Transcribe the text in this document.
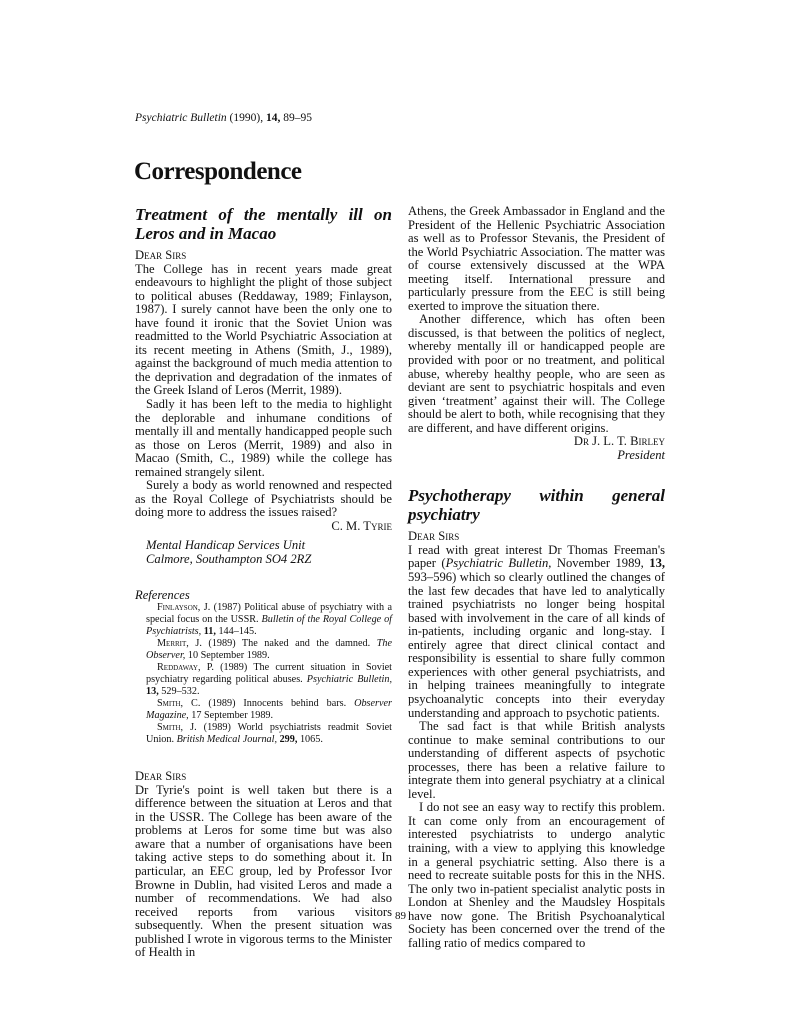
Psychiatric Bulletin (1990), 14, 89–95
Correspondence
Treatment of the mentally ill on Leros and in Macao

Dear Sirs

The College has in recent years made great endeavours to highlight the plight of those subject to political abuses (Reddaway, 1989; Finlayson, 1987). I surely cannot have been the only one to have found it ironic that the Soviet Union was readmitted to the World Psychiatric Association at its recent meeting in Athens (Smith, J., 1989), against the background of much media attention to the deprivation and degradation of the inmates of the Greek Island of Leros (Merrit, 1989).

Sadly it has been left to the media to highlight the deplorable and inhumane conditions of mentally ill and mentally handicapped people such as those on Leros (Merrit, 1989) and also in Macao (Smith, C., 1989) while the college has remained strangely silent.

Surely a body as world renowned and respected as the Royal College of Psychiatrists should be doing more to address the issues raised?

C. M. Tyrie

Mental Handicap Services Unit

Calmore, Southampton SO4 2RZ

References

Finlayson, J. (1987) Political abuse of psychiatry with a special focus on the USSR. Bulletin of the Royal College of Psychiatrists, 11, 144–145.

Merrit, J. (1989) The naked and the damned. The Observer, 10 September 1989.

Reddaway, P. (1989) The current situation in Soviet psychiatry regarding political abuses. Psychiatric Bulletin, 13, 529–532.

Smith, C. (1989) Innocents behind bars. Observer Magazine, 17 September 1989.

Smith, J. (1989) World psychiatrists readmit Soviet Union. British Medical Journal, 299, 1065.

Dear Sirs

Dr Tyrie's point is well taken but there is a difference between the situation at Leros and that in the USSR. The College has been aware of the problems at Leros for some time but was also aware that a number of organisations have been taking active steps to do something about it. In particular, an EEC group, led by Professor Ivor Browne in Dublin, had visited Leros and made a number of recommendations. We had also received reports from various visitors subsequently. When the present situation was published I wrote in vigorous terms to the Minister of Health in

Athens, the Greek Ambassador in England and the President of the Hellenic Psychiatric Association as well as to Professor Stevanis, the President of the World Psychiatric Association. The matter was of course extensively discussed at the WPA meeting itself. International pressure and particularly pressure from the EEC is still being exerted to improve the situation there.

Another difference, which has often been discussed, is that between the politics of neglect, whereby mentally ill or handicapped people are provided with poor or no treatment, and political abuse, whereby healthy people, who are seen as deviant are sent to psychiatric hospitals and even given ‘treatment’ against their will. The College should be alert to both, while recognising that they are different, and have different origins.

Dr J. L. T. Birley

President

Psychotherapy within general psychiatry

Dear Sirs

I read with great interest Dr Thomas Freeman's paper (Psychiatric Bulletin, November 1989, 13, 593–596) which so clearly outlined the changes of the last few decades that have led to analytically trained psychiatrists no longer being hospital based with involvement in the care of all kinds of in-patients, including organic and long-stay. I entirely agree that direct clinical contact and responsibility is essential to share fully common experiences with other general psychiatrists, and in helping trainees meaningfully to integrate psychoanalytic concepts into their everyday understanding and approach to psychotic patients.

The sad fact is that while British analysts continue to make seminal contributions to our understanding of different aspects of psychotic processes, there has been a relative failure to integrate them into general psychiatry at a clinical level.

I do not see an easy way to rectify this problem. It can come only from an encouragement of interested psychiatrists to undergo analytic training, with a view to applying this knowledge in a general psychiatric setting. Also there is a need to recreate suitable posts for this in the NHS. The only two in-patient specialist analytic posts in London at Shenley and the Maudsley Hospitals have now gone. The British Psychoanalytical Society has been concerned over the trend of the falling ratio of medics compared to

89
